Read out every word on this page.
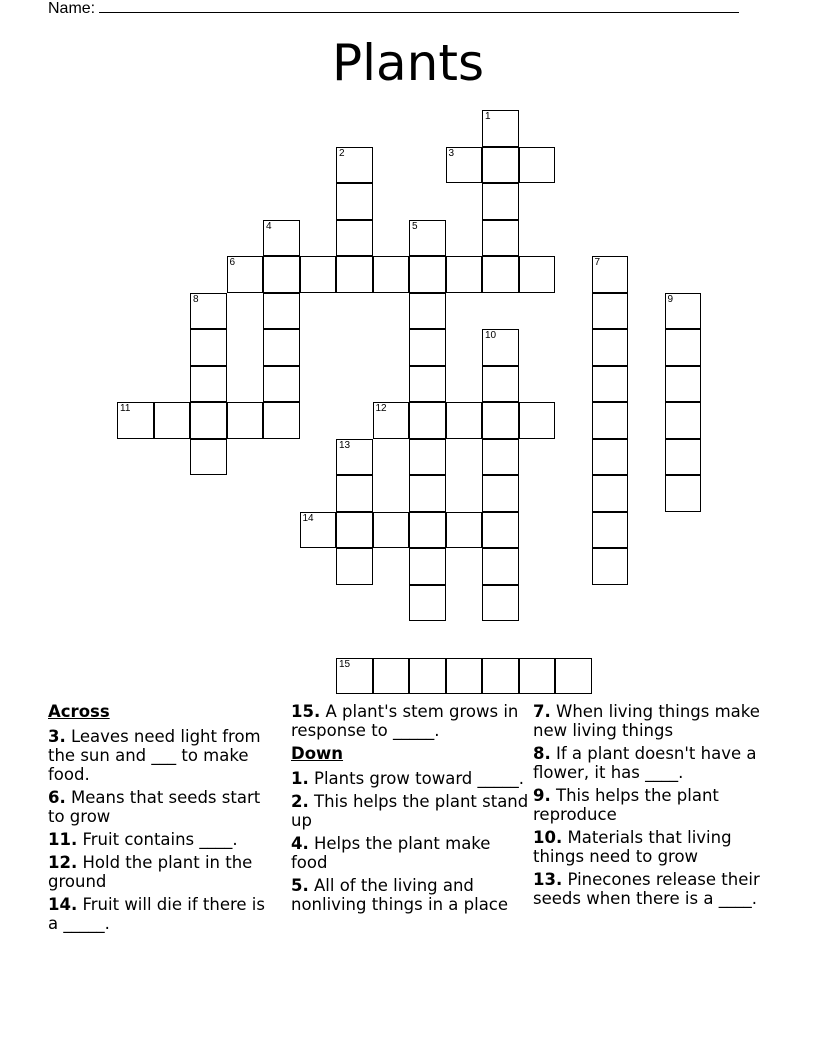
Name:
Plants
1
2	3
4	5
6	7
8	9
10
11	12
13
14
15
Across
3. Leaves need light from the sun and ___ to make food.
6. Means that seeds start to grow
11. Fruit contains ____.
12. Hold the plant in the ground
14. Fruit will die if there is a _____.
15. A plant's stem grows in response to _____.
Down
1. Plants grow toward _____.
2. This helps the plant stand up
4. Helps the plant make food
5. All of the living and nonliving things in a place
7. When living things make new living things
8. If a plant doesn't have a flower, it has ____.
9. This helps the plant reproduce
10. Materials that living things need to grow
13. Pinecones release their seeds when there is a ____.
